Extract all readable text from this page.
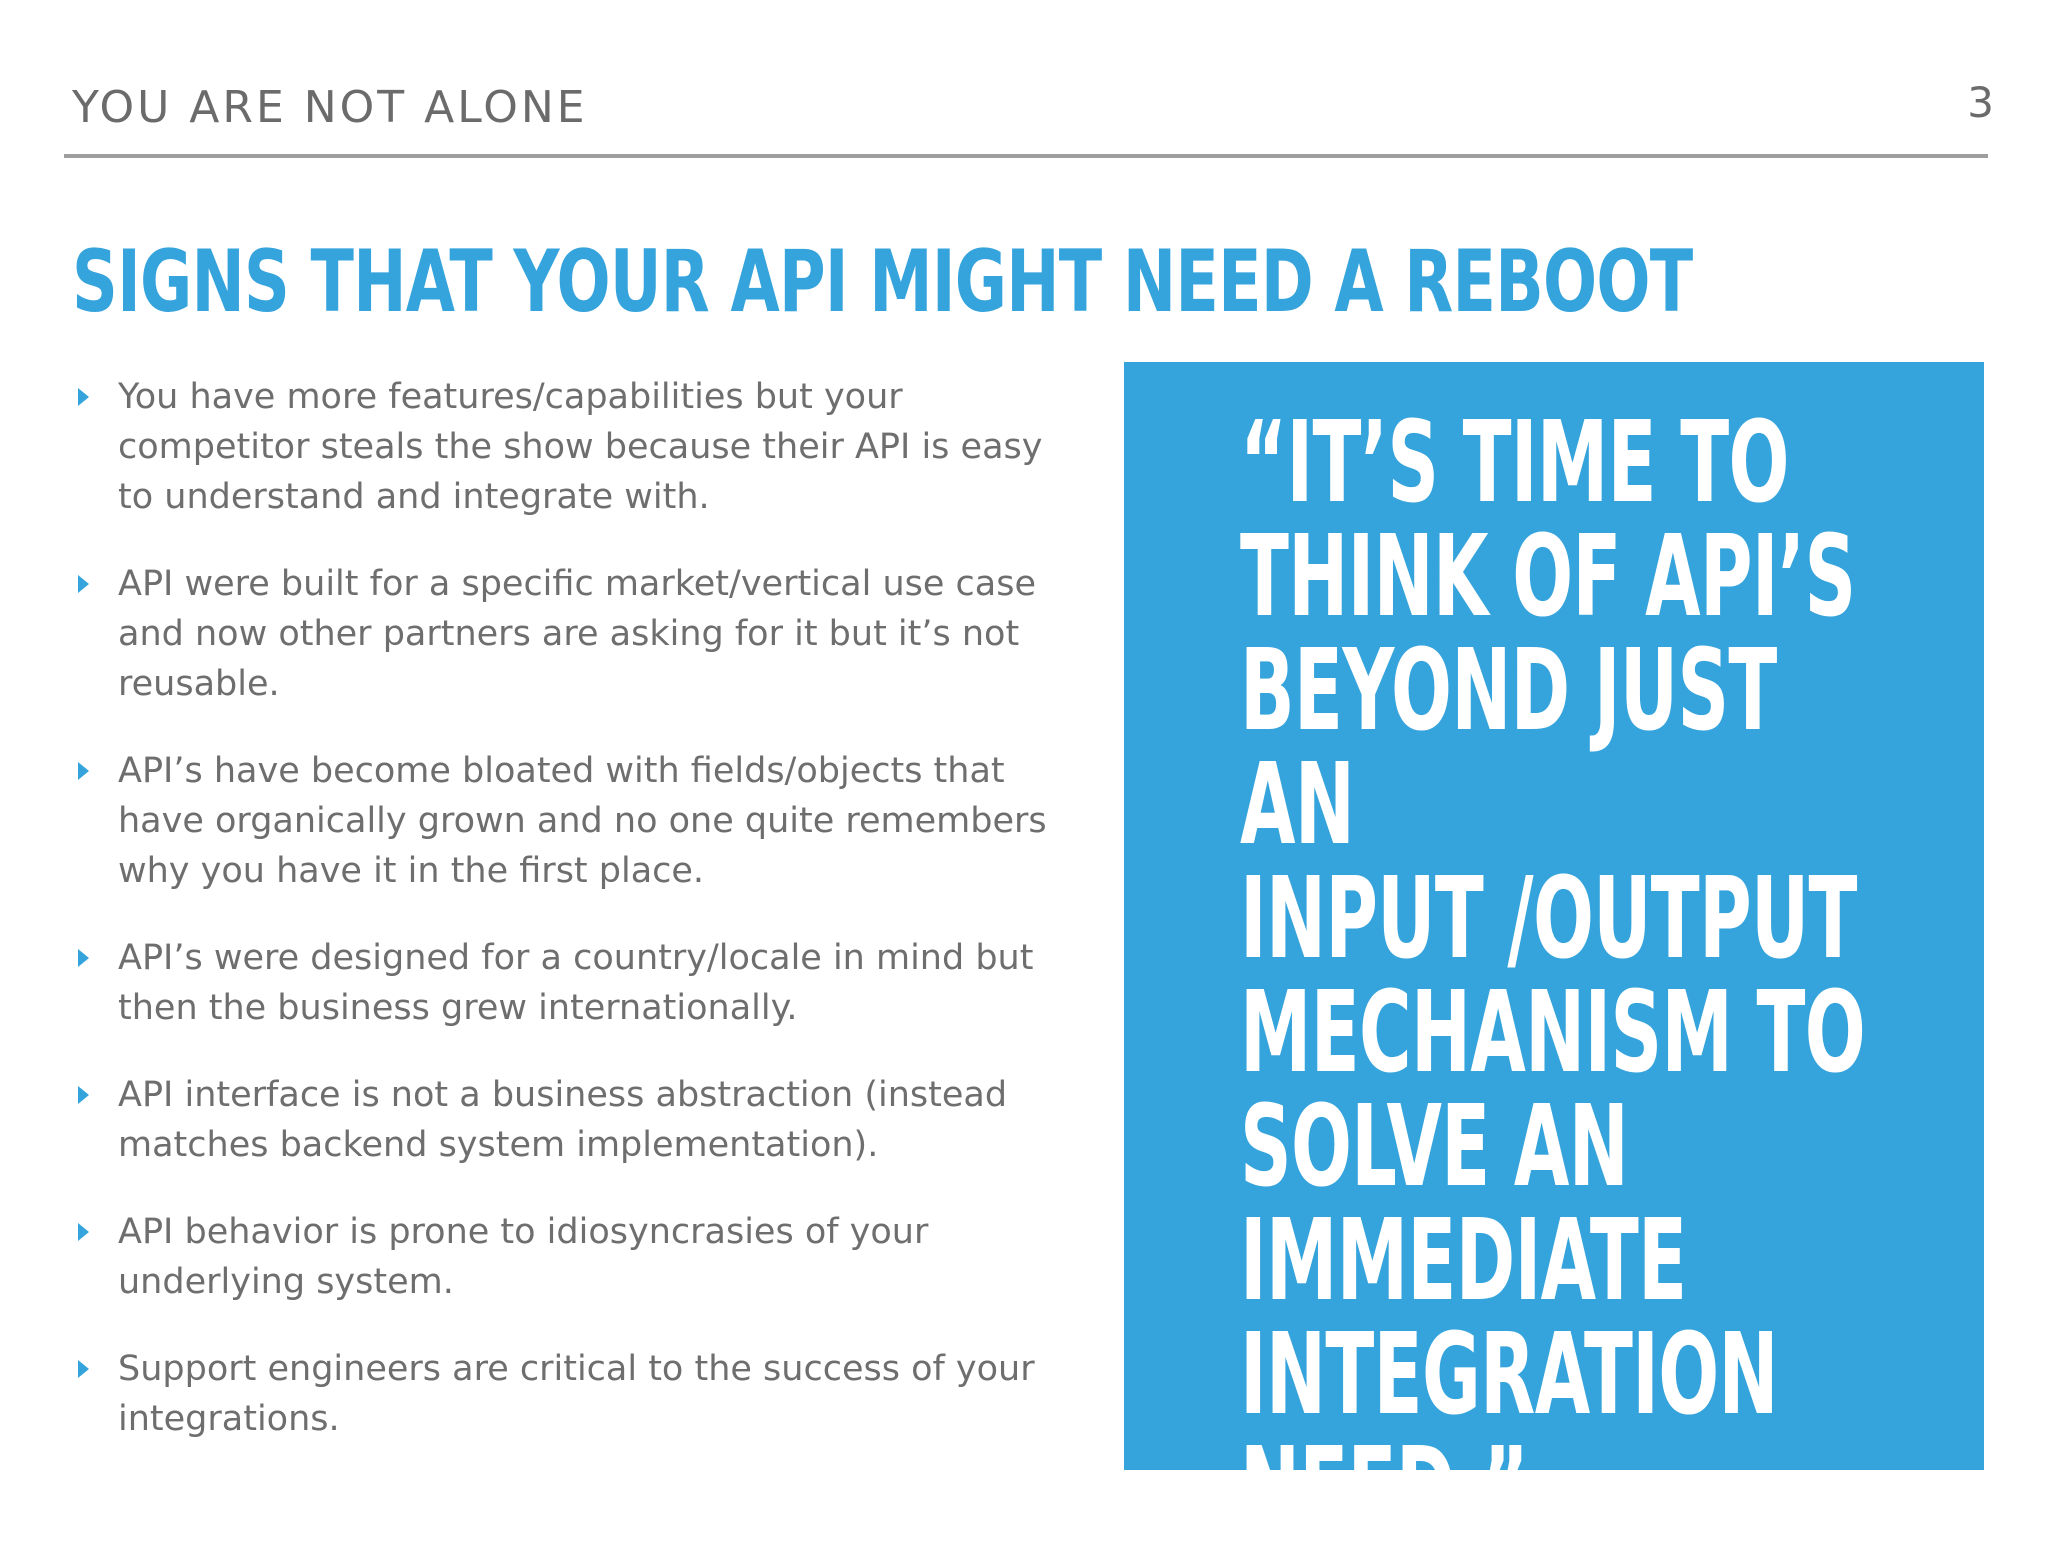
YOU ARE NOT ALONE	3
SIGNS THAT YOUR API MIGHT NEED A REBOOT
You have more features/capabilities but your competitor steals the show because their API is easy to understand and integrate with.
API were built for a specific market/vertical use case and now other partners are asking for it but it’s not reusable.
API’s have become bloated with fields/objects that have organically grown and no one quite remembers why you have it in the first place.
API’s were designed for a country/locale in mind but then the business grew internationally.
API interface is not a business abstraction (instead matches backend system implementation).
API behavior is prone to idiosyncrasies of your underlying system.
Support engineers are critical to the success of your integrations.
“IT’S TIME TO
THINK OF API’S
BEYOND JUST AN
INPUT /OUTPUT
MECHANISM TO
SOLVE AN
IMMEDIATE
INTEGRATION
NEED.”
